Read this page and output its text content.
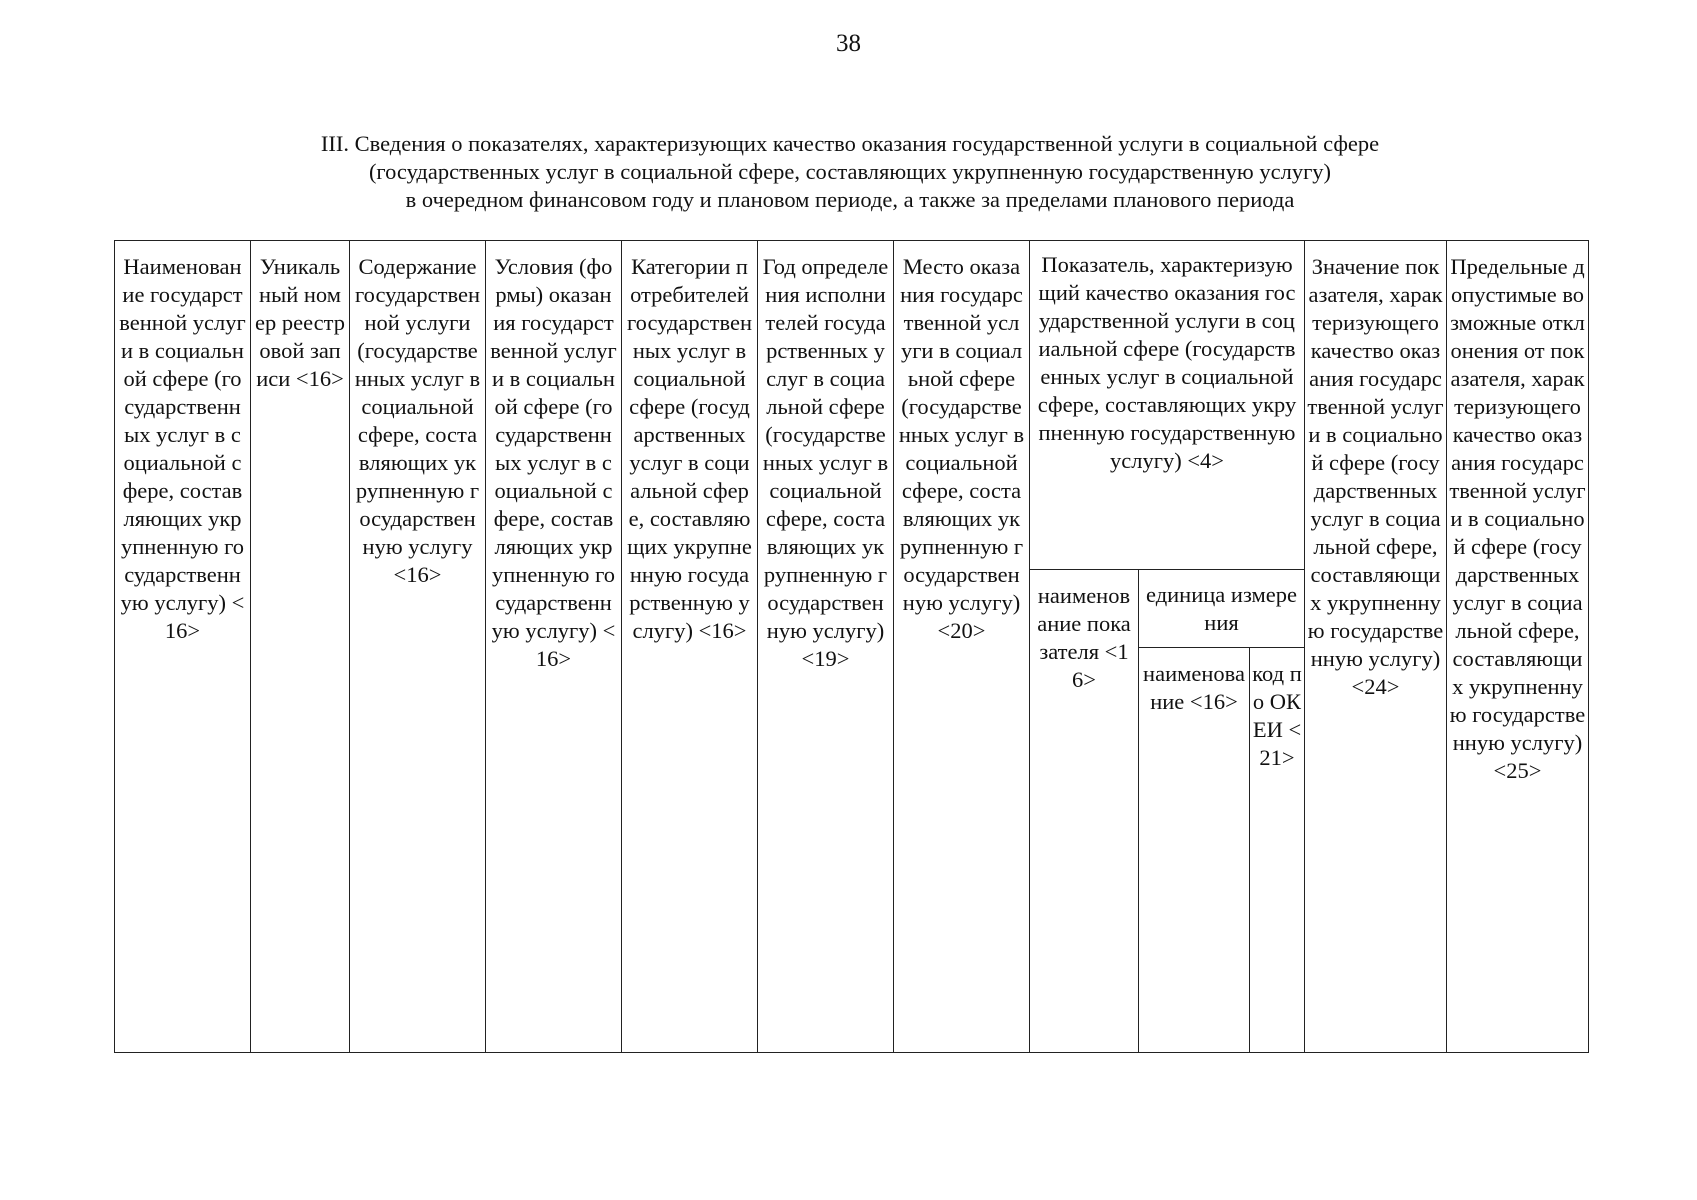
38
III. Сведения о показателях, характеризующих качество оказания государственной услуги в социальной сфере
(государственных услуг в социальной сфере, составляющих укрупненную государственную услугу)
в очередном финансовом году и плановом периоде, а также за пределами планового периода
Наименование государственной услуги в социальной сфере (государственных услуг в социальной сфере, составляющих укрупненную государственную услугу) <16>	Уникальный номер реестровой записи <16>	Содержание государственной услуги (государственных услуг в социальной сфере, составляющих укрупненную государственную услугу <16>	Условия (формы) оказания государственной услуги в социальной сфере (государственных услуг в социальной сфере, составляющих укрупненную государственную услугу) <16>	Категории потребителей государственных услуг в социальной сфере (государственных услуг в социальной сфере, составляющих укрупненную государственную услугу) <16>	Год определения исполнителей государственных услуг в социальной сфере (государственных услуг в социальной сфере, составляющих укрупненную государственную услугу) <19>	Место оказания государственной услуги в социальной сфере (государственных услуг в социальной сфере, составляющих укрупненную государственную услугу) <20>	Показатель, характеризующий качество оказания государственной услуги в социальной сфере (государственных услуг в социальной сфере, составляющих укрупненную государственную услугу) <4>			Значение показателя, характеризующего качество оказания государственной услуги в социальной сфере (государственных услуг в социальной сфере, составляющих укрупненную государственную услугу) <24>	Предельные допустимые возможные отклонения от показателя, характеризующего качество оказания государственной услуги в социальной сфере (государственных услуг в социальной сфере, составляющих укрупненную государственную услугу) <25>
							наименование показателя <16>	единица измерения			
								наименование <16>	код по ОКЕИ <21>		
